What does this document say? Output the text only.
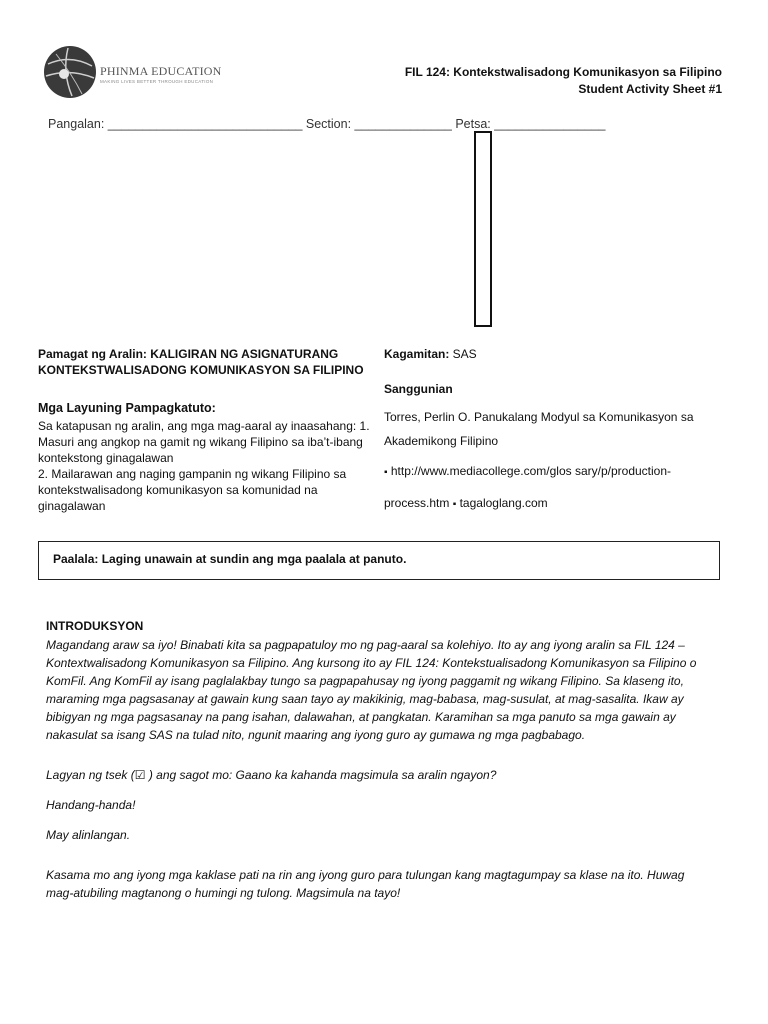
PHINMA EDUCATION
MAKING LIVES BETTER THROUGH EDUCATION
FIL 124: Kontekstwalisadong Komunikasyon sa Filipino
Student Activity Sheet #1
Pangalan: ____________________________ Section: ______________ Petsa: ________________
Pamagat ng Aralin: KALIGIRAN NG ASIGNATURANG
KONTEKSTWALISADONG KOMUNIKASYON SA FILIPINO
Mga Layuning Pampagkatuto:
Sa katapusan ng aralin, ang mga mag-aaral ay inaasahang: 1.
Masuri ang angkop na gamit ng wikang Filipino sa iba’t-ibang
kontekstong ginagalawan
2. Mailarawan ang naging gampanin ng wikang Filipino sa
kontekstwalisadong komunikasyon sa komunidad na
ginagalawan
Kagamitan: SAS
Sanggunian
Torres, Perlin O. Panukalang Modyul sa Komunikasyon sa
Akademikong Filipino
▪ http://www.mediacollege.com/glos sary/p/production-
process.htm ▪ tagaloglang.com
Paalala: Laging unawain at sundin ang mga paalala at panuto.
INTRODUKSYON
Magandang araw sa iyo! Binabati kita sa pagpapatuloy mo ng pag-aaral sa kolehiyo. Ito ay ang iyong aralin sa FIL 124 –
Kontextwalisadong Komunikasyon sa Filipino. Ang kursong ito ay FIL 124: Kontekstualisadong Komunikasyon sa Filipino o
KomFil. Ang KomFil ay isang paglalakbay tungo sa pagpapahusay ng iyong paggamit ng wikang Filipino. Sa klaseng ito,
maraming mga pagsasanay at gawain kung saan tayo ay makikinig, mag-babasa, mag-susulat, at mag-sasalita. Ikaw ay
bibigyan ng mga pagsasanay na pang isahan, dalawahan, at pangkatan. Karamihan sa mga panuto sa mga gawain ay
nakasulat sa isang SAS na tulad nito, ngunit maaring ang iyong guro ay gumawa ng mga pagbabago.
Lagyan ng tsek (☑ ) ang sagot mo: Gaano ka kahanda magsimula sa aralin ngayon?
Handang-handa!
May alinlangan.
Kasama mo ang iyong mga kaklase pati na rin ang iyong guro para tulungan kang magtagumpay sa klase na ito. Huwag
mag-atubiling magtanong o humingi ng tulong. Magsimula na tayo!
